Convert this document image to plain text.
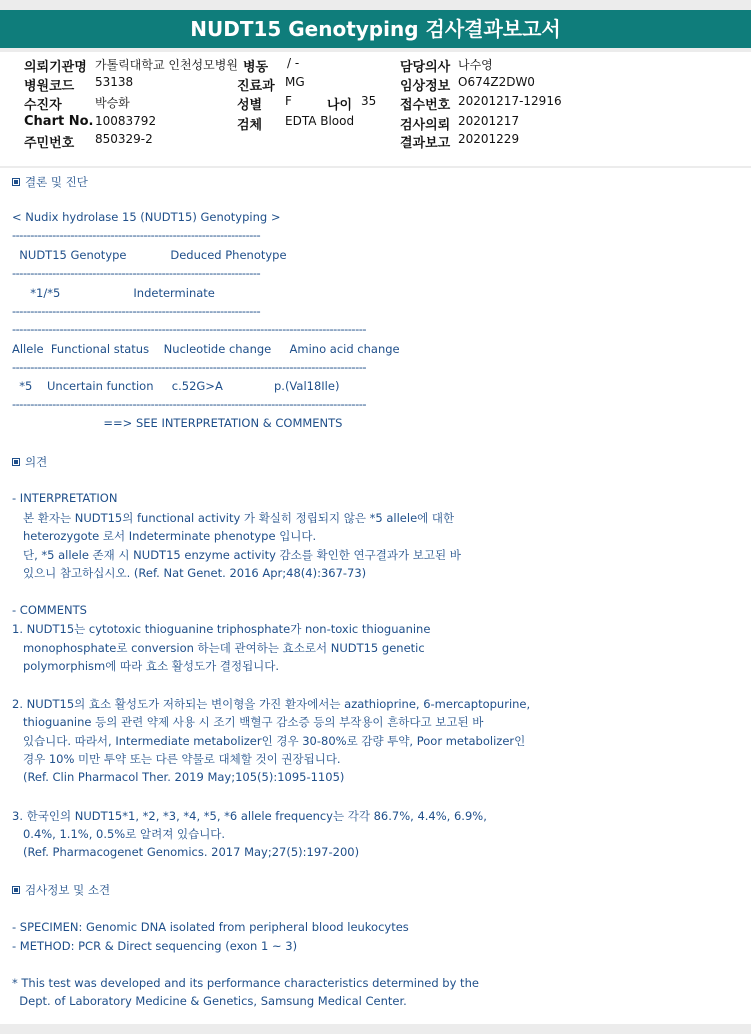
NUDT15 Genotyping 검사결과보고서
의뢰기관명 가톨릭대학교 인천성모병원 병동 / -	담당의사 나수영
병원코드 53138	진료과 MG	임상정보 O674Z2DW0
수진자	박승화	성별 F	나이 35 접수번호 20201217-12916
Chart No. 10083792	검체 EDTA Blood	검사의뢰 20201217
주민번호 850329-2	결과보고 20201229
결론 및 진단
< Nudix hydrolase 15 (NUDT15) Genotyping >
--------------------------------------------------------------------
NUDT15 Genotype            Deduced Phenotype
--------------------------------------------------------------------
*1/*5                    Indeterminate
--------------------------------------------------------------------
-------------------------------------------------------------------------------------------------
Allele  Functional status    Nucleotide change     Amino acid change
-------------------------------------------------------------------------------------------------
*5    Uncertain function     c.52G>A              p.(Val18Ile)
-------------------------------------------------------------------------------------------------
==> SEE INTERPRETATION & COMMENTS
의견
- INTERPRETATION
본 환자는 NUDT15의 functional activity 가 확실히 정립되지 않은 *5 allele에 대한
heterozygote 로서 Indeterminate phenotype 입니다.
단, *5 allele 존재 시 NUDT15 enzyme activity 감소를 확인한 연구결과가 보고된 바
있으니 참고하십시오. (Ref. Nat Genet. 2016 Apr;48(4):367-73)
- COMMENTS
1. NUDT15는 cytotoxic thioguanine triphosphate가 non-toxic thioguanine
monophosphate로 conversion 하는데 관여하는 효소로서 NUDT15 genetic
polymorphism에 따라 효소 활성도가 결정됩니다.
2. NUDT15의 효소 활성도가 저하되는 변이형을 가진 환자에서는 azathioprine, 6-mercaptopurine,
thioguanine 등의 관련 약제 사용 시 조기 백혈구 감소증 등의 부작용이 흔하다고 보고된 바
있습니다. 따라서, Intermediate metabolizer인 경우 30-80%로 감량 투약, Poor metabolizer인
경우 10% 미만 투약 또는 다른 약물로 대체할 것이 권장됩니다.
(Ref. Clin Pharmacol Ther. 2019 May;105(5):1095-1105)
3. 한국인의 NUDT15*1, *2, *3, *4, *5, *6 allele frequency는 각각 86.7%, 4.4%, 6.9%,
0.4%, 1.1%, 0.5%로 알려져 있습니다.
(Ref. Pharmacogenet Genomics. 2017 May;27(5):197-200)
검사정보 및 소견
- SPECIMEN: Genomic DNA isolated from peripheral blood leukocytes
- METHOD: PCR & Direct sequencing (exon 1 ~ 3)
* This test was developed and its performance characteristics determined by the
Dept. of Laboratory Medicine & Genetics, Samsung Medical Center.
